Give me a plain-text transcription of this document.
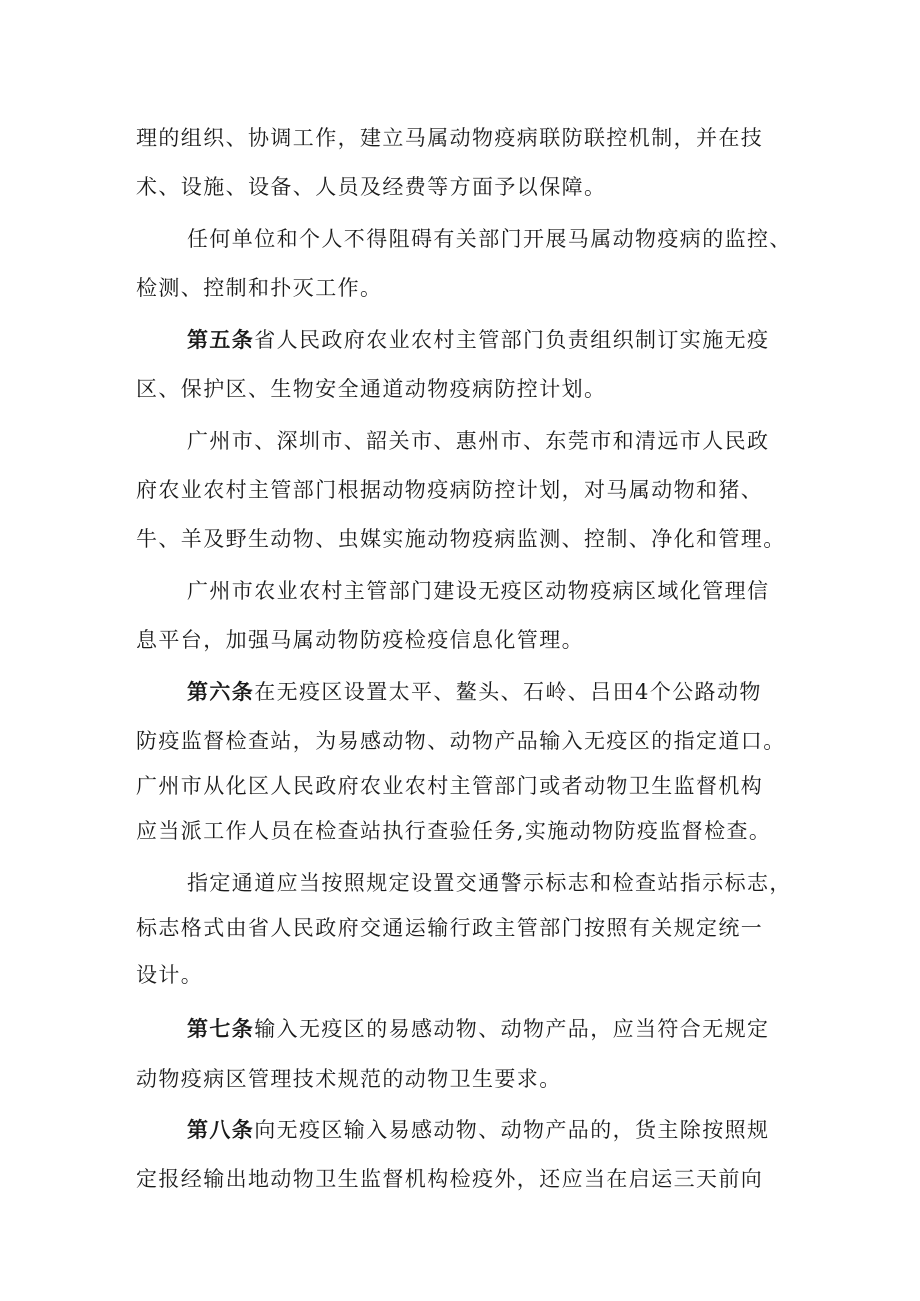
理的组织、协调工作，建立马属动物疫病联防联控机制，并在技
术、设施、设备、人员及经费等方面予以保障。
任何单位和个人不得阻碍有关部门开展马属动物疫病的监控、
检测、控制和扑灭工作。
第五条省人民政府农业农村主管部门负责组织制订实施无疫
区、保护区、生物安全通道动物疫病防控计划。
广州市、深圳市、韶关市、惠州市、东莞市和清远市人民政
府农业农村主管部门根据动物疫病防控计划，对马属动物和猪、
牛、羊及野生动物、虫媒实施动物疫病监测、控制、净化和管理。
广州市农业农村主管部门建设无疫区动物疫病区域化管理信
息平台，加强马属动物防疫检疫信息化管理。
第六条在无疫区设置太平、鳌头、石岭、吕田4个公路动物
防疫监督检查站，为易感动物、动物产品输入无疫区的指定道口。
广州市从化区人民政府农业农村主管部门或者动物卫生监督机构
应当派工作人员在检查站执行查验任务,实施动物防疫监督检查。
指定通道应当按照规定设置交通警示标志和检查站指示标志，
标志格式由省人民政府交通运输行政主管部门按照有关规定统一
设计。
第七条输入无疫区的易感动物、动物产品，应当符合无规定
动物疫病区管理技术规范的动物卫生要求。
第八条向无疫区输入易感动物、动物产品的，货主除按照规
定报经输出地动物卫生监督机构检疫外，还应当在启运三天前向
